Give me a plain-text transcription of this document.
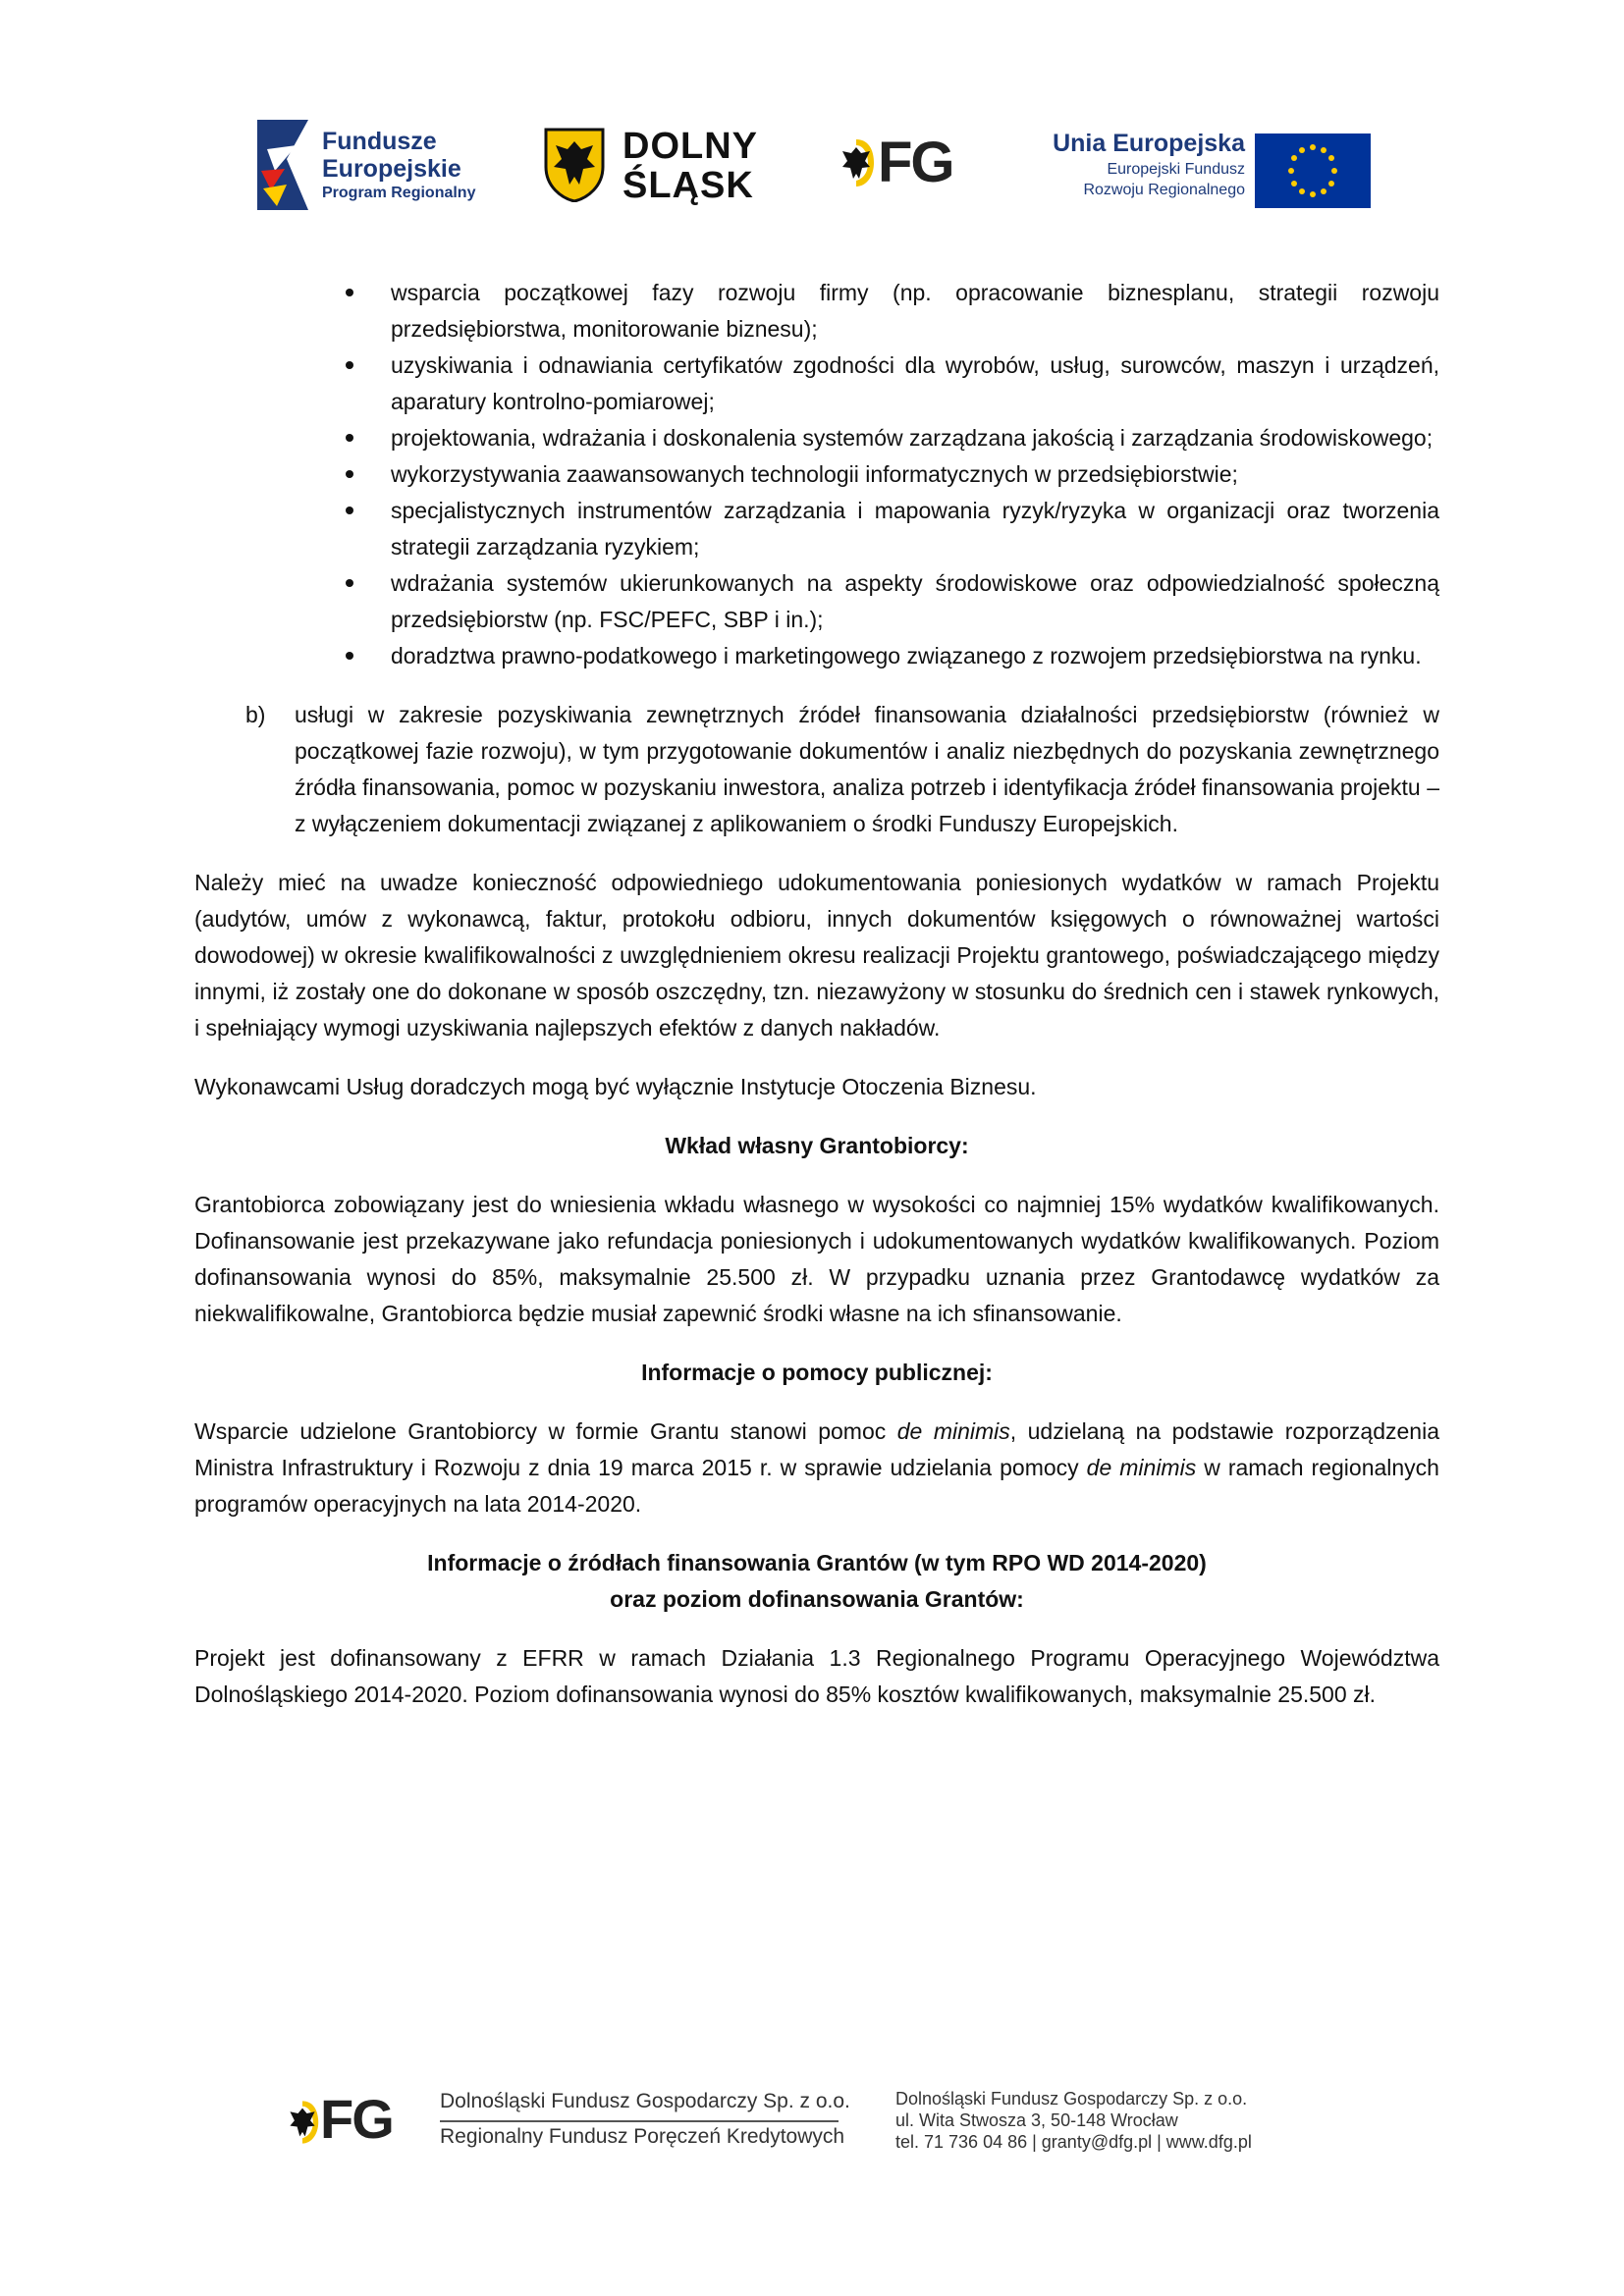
Fundusze
Europejskie
Program Regionalny
DOLNY
ŚLĄSK FG	Unia Europejska
Europejski Fundusz
Rozwoju Regionalnego
wsparcia początkowej fazy rozwoju firmy (np. opracowanie biznesplanu, strategii rozwoju przedsiębiorstwa, monitorowanie biznesu);
uzyskiwania i odnawiania certyfikatów zgodności dla wyrobów, usług, surowców, maszyn i urządzeń, aparatury kontrolno-pomiarowej;
projektowania, wdrażania i doskonalenia systemów zarządzana jakością i zarządzania środowiskowego;
wykorzystywania zaawansowanych technologii informatycznych w przedsiębiorstwie;
specjalistycznych instrumentów zarządzania i mapowania ryzyk/ryzyka w organizacji oraz tworzenia strategii zarządzania ryzykiem;
wdrażania systemów ukierunkowanych na aspekty środowiskowe oraz odpowiedzialność społeczną przedsiębiorstw (np. FSC/PEFC, SBP i in.);
doradztwa prawno-podatkowego i marketingowego związanego z rozwojem przedsiębiorstwa na rynku.
b) usługi w zakresie pozyskiwania zewnętrznych źródeł finansowania działalności przedsiębiorstw (również w początkowej fazie rozwoju), w tym przygotowanie dokumentów i analiz niezbędnych do pozyskania zewnętrznego źródła finansowania, pomoc w pozyskaniu inwestora, analiza potrzeb i identyfikacja źródeł finansowania projektu – z wyłączeniem dokumentacji związanej z aplikowaniem o środki Funduszy Europejskich.

Należy mieć na uwadze konieczność odpowiedniego udokumentowania poniesionych wydatków w ramach Projektu (audytów, umów z wykonawcą, faktur, protokołu odbioru, innych dokumentów księgowych o równoważnej wartości dowodowej) w okresie kwalifikowalności z uwzględnieniem okresu realizacji Projektu grantowego, poświadczającego między innymi, iż zostały one do dokonane w sposób oszczędny, tzn. niezawyżony w stosunku do średnich cen i stawek rynkowych, i spełniający wymogi uzyskiwania najlepszych efektów z danych nakładów.

Wykonawcami Usług doradczych mogą być wyłącznie Instytucje Otoczenia Biznesu.

Wkład własny Grantobiorcy:

Grantobiorca zobowiązany jest do wniesienia wkładu własnego w wysokości co najmniej 15% wydatków kwalifikowanych. Dofinansowanie jest przekazywane jako refundacja poniesionych i udokumentowanych wydatków kwalifikowanych. Poziom dofinansowania wynosi do 85%, maksymalnie 25.500 zł. W przypadku uznania przez Grantodawcę wydatków za niekwalifikowalne, Grantobiorca będzie musiał zapewnić środki własne na ich sfinansowanie.

Informacje o pomocy publicznej:

Wsparcie udzielone Grantobiorcy w formie Grantu stanowi pomoc de minimis, udzielaną na podstawie rozporządzenia Ministra Infrastruktury i Rozwoju z dnia 19 marca 2015 r. w sprawie udzielania pomocy de minimis w ramach regionalnych programów operacyjnych na lata 2014-2020.

Informacje o źródłach finansowania Grantów (w tym RPO WD 2014-2020)
oraz poziom dofinansowania Grantów:

Projekt jest dofinansowany z EFRR w ramach Działania 1.3 Regionalnego Programu Operacyjnego Województwa Dolnośląskiego 2014-2020. Poziom dofinansowania wynosi do 85% kosztów kwalifikowanych, maksymalnie 25.500 zł.

FG Dolnośląski Fundusz Gospodarczy Sp. z o.o.
Regionalny Fundusz Poręczeń Kredytowych
Dolnośląski Fundusz Gospodarczy Sp. z o.o.
ul. Wita Stwosza 3, 50-148 Wrocław
tel. 71 736 04 86 | granty@dfg.pl | www.dfg.pl
